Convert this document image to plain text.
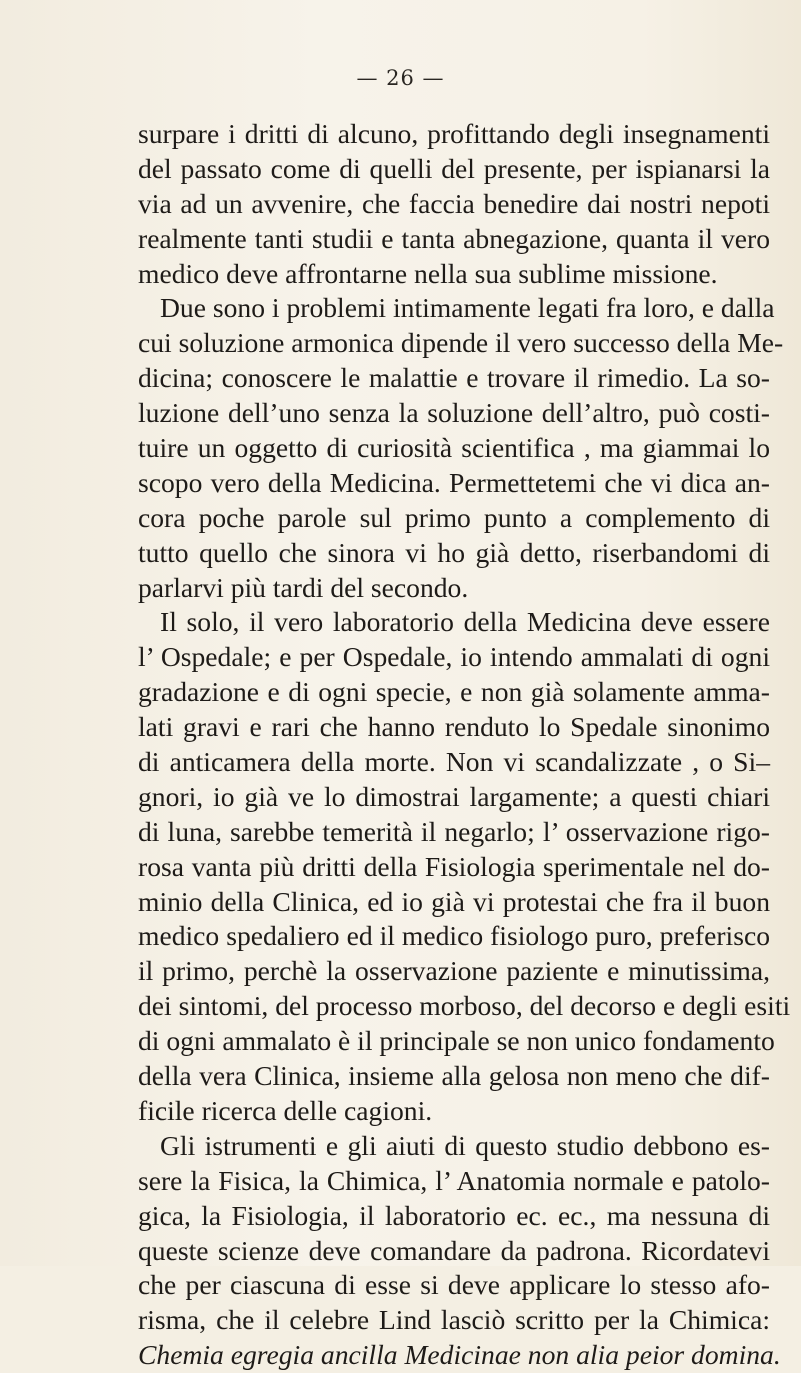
— 26 —
surpare i dritti di alcuno, profittando degli insegnamenti
del passato come di quelli del presente, per ispianarsi la
via ad un avvenire, che faccia benedire dai nostri nepoti
realmente tanti studii e tanta abnegazione, quanta il vero
medico deve affrontarne nella sua sublime missione.
Due sono i problemi intimamente legati fra loro, e dalla
cui soluzione armonica dipende il vero successo della Me-
dicina; conoscere le malattie e trovare il rimedio. La so-
luzione dell’uno senza la soluzione dell’altro, può costi-
tuire un oggetto di curiosità scientifica , ma giammai lo
scopo vero della Medicina. Permettetemi che vi dica an-
cora poche parole sul primo punto a complemento di
tutto quello che sinora vi ho già detto, riserbandomi di
parlarvi più tardi del secondo.
Il solo, il vero laboratorio della Medicina deve essere
l’ Ospedale; e per Ospedale, io intendo ammalati di ogni
gradazione e di ogni specie, e non già solamente amma-
lati gravi e rari che hanno renduto lo Spedale sinonimo
di anticamera della morte. Non vi scandalizzate , o Si–
gnori, io già ve lo dimostrai largamente; a questi chiari
di luna, sarebbe temerità il negarlo; l’ osservazione rigo-
rosa vanta più dritti della Fisiologia sperimentale nel do-
minio della Clinica, ed io già vi protestai che fra il buon
medico spedaliero ed il medico fisiologo puro, preferisco
il primo, perchè la osservazione paziente e minutissima,
dei sintomi, del processo morboso, del decorso e degli esiti
di ogni ammalato è il principale se non unico fondamento
della vera Clinica, insieme alla gelosa non meno che dif-
ficile ricerca delle cagioni.
Gli istrumenti e gli aiuti di questo studio debbono es-
sere la Fisica, la Chimica, l’ Anatomia normale e patolo-
gica, la Fisiologia, il laboratorio ec. ec., ma nessuna di
queste scienze deve comandare da padrona. Ricordatevi
che per ciascuna di esse si deve applicare lo stesso afo-
risma, che il celebre Lind lasciò scritto per la Chimica:
Chemia egregia ancilla Medicinae non alia peior domina.
